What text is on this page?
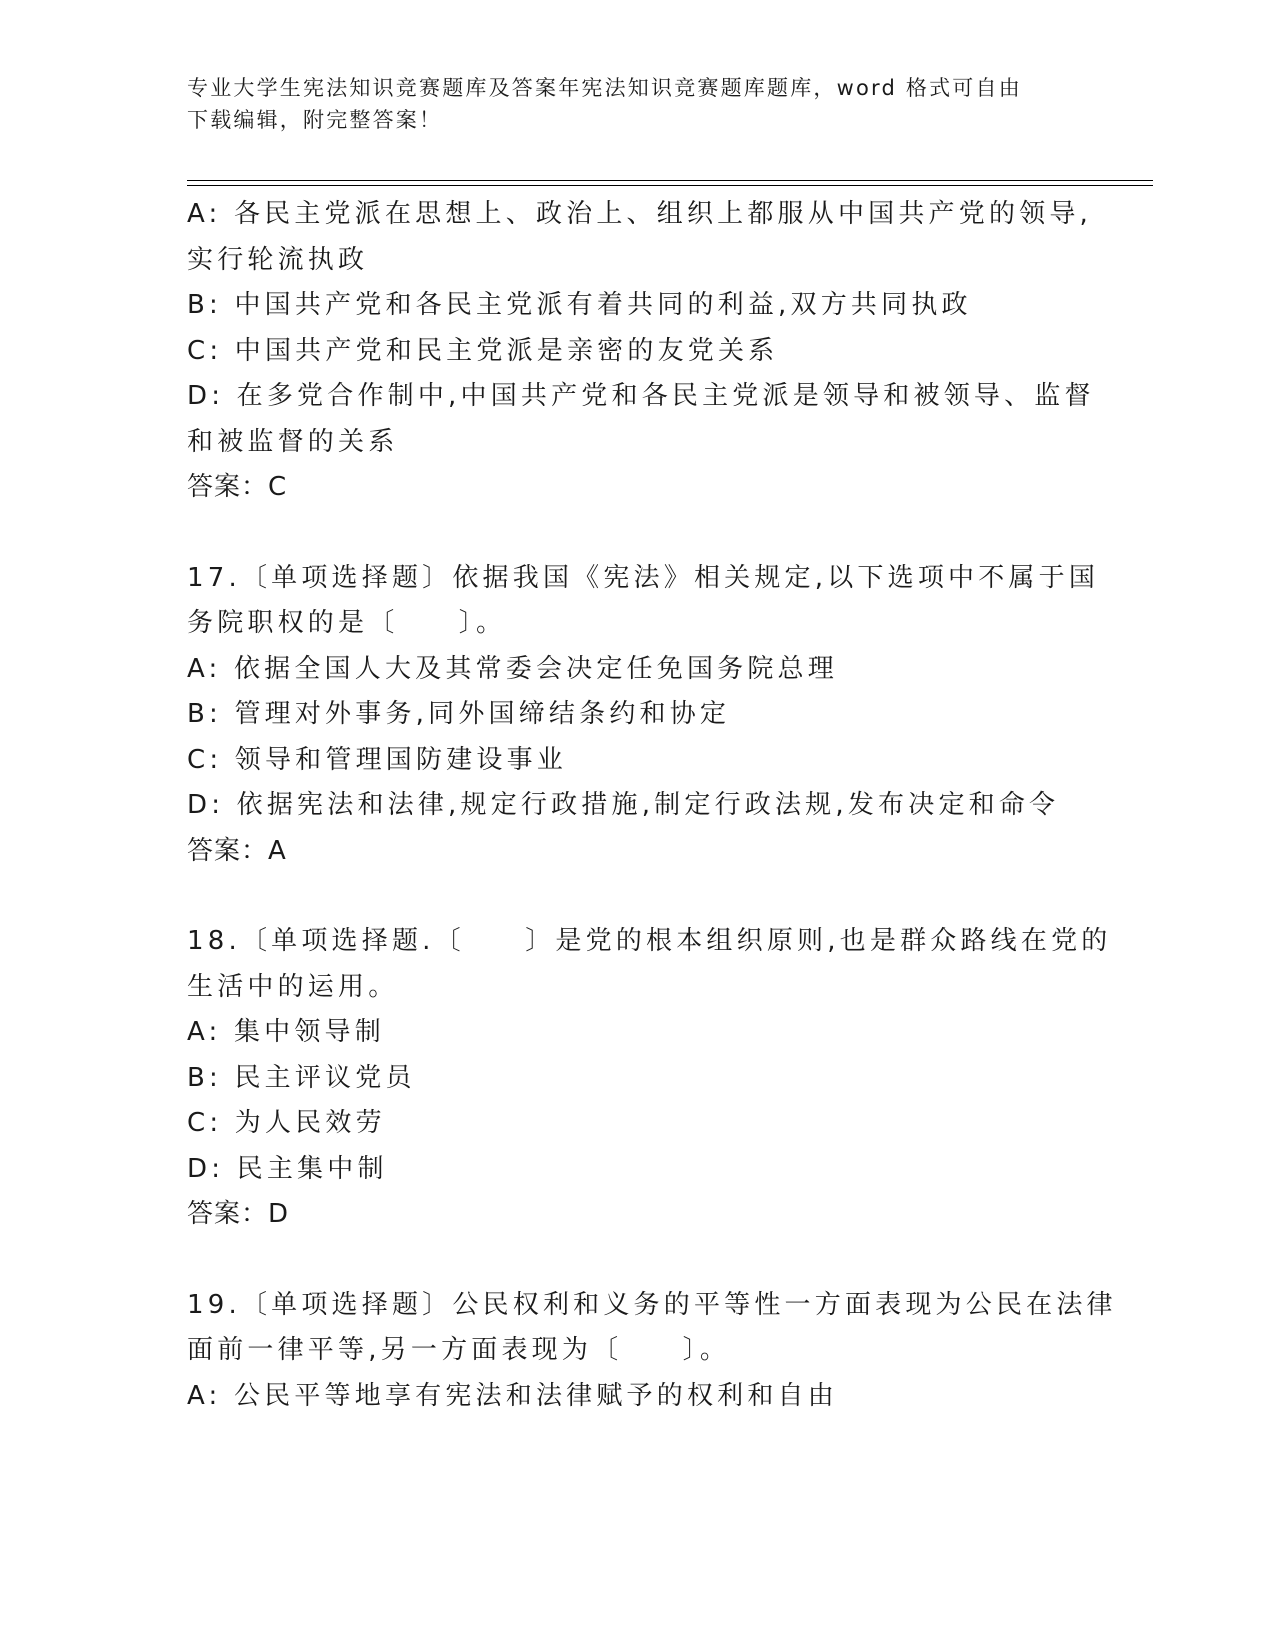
专业大学生宪法知识竞赛题库及答案年宪法知识竞赛题库题库，word 格式可自由
下载编辑，附完整答案！
A: 各民主党派在思想上、政治上、组织上都服从中国共产党的领导,
实行轮流执政
B: 中国共产党和各民主党派有着共同的利益,双方共同执政
C: 中国共产党和民主党派是亲密的友党关系
D: 在多党合作制中,中国共产党和各民主党派是领导和被领导、监督
和被监督的关系
答案：C
17.〔单项选择题〕依据我国《宪法》相关规定,以下选项中不属于国
务院职权的是〔　　〕。
A: 依据全国人大及其常委会决定任免国务院总理
B: 管理对外事务,同外国缔结条约和协定
C: 领导和管理国防建设事业
D: 依据宪法和法律,规定行政措施,制定行政法规,发布决定和命令
答案：A
18.〔单项选择题.〔　　〕是党的根本组织原则,也是群众路线在党的
生活中的运用。
A: 集中领导制
B: 民主评议党员
C: 为人民效劳
D: 民主集中制
答案：D
19.〔单项选择题〕公民权利和义务的平等性一方面表现为公民在法律
面前一律平等,另一方面表现为〔　　〕。
A: 公民平等地享有宪法和法律赋予的权利和自由
